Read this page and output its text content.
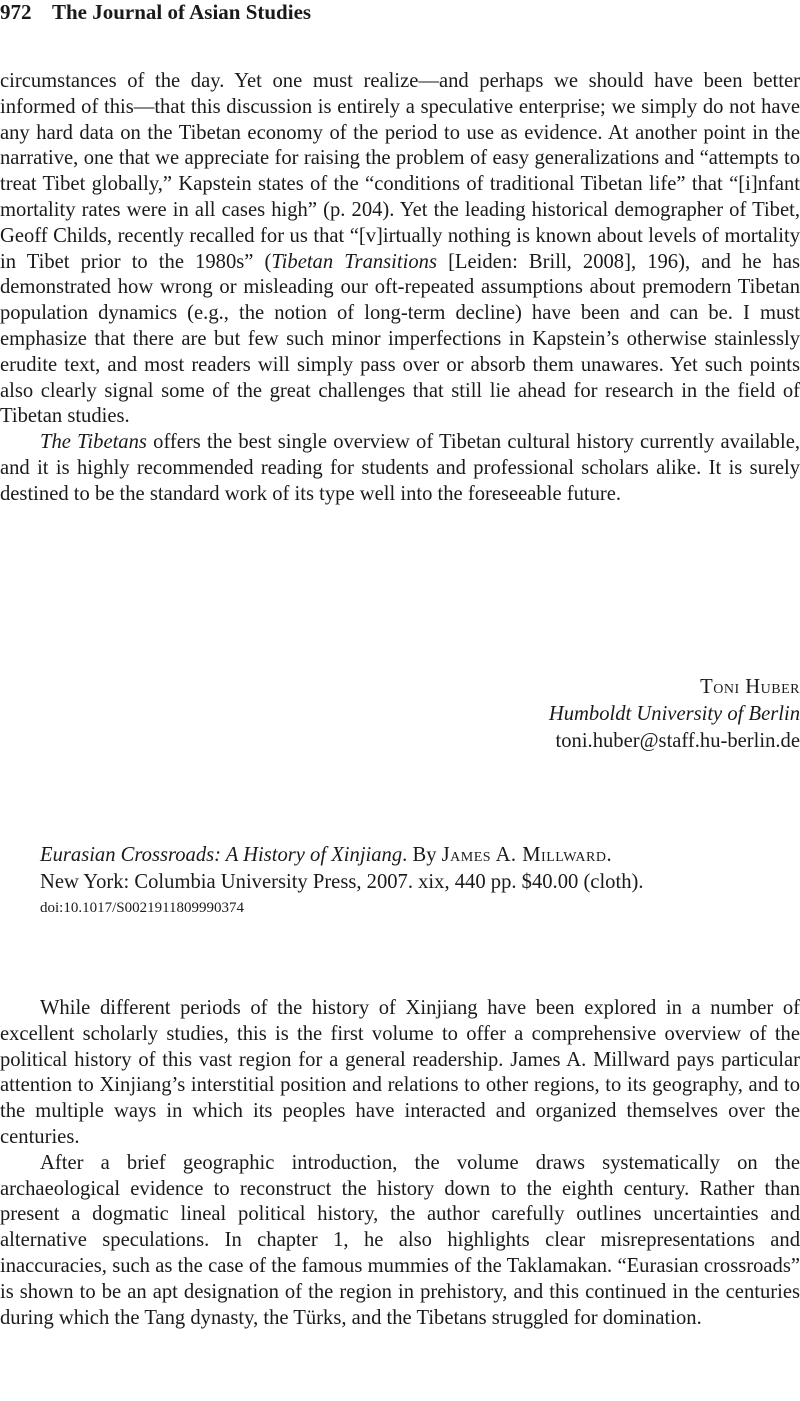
972 The Journal of Asian Studies

circumstances of the day. Yet one must realize—and perhaps we should have been better informed of this—that this discussion is entirely a speculative enterprise; we simply do not have any hard data on the Tibetan economy of the period to use as evidence. At another point in the narrative, one that we appreciate for raising the problem of easy generalizations and “attempts to treat Tibet globally,” Kapstein states of the “conditions of traditional Tibetan life” that “[i]nfant mortality rates were in all cases high” (p. 204). Yet the leading historical demographer of Tibet, Geoff Childs, recently recalled for us that “[v]irtually nothing is known about levels of mortality in Tibet prior to the 1980s” (Tibetan Transitions [Leiden: Brill, 2008], 196), and he has demonstrated how wrong or misleading our oft-repeated assumptions about premodern Tibetan population dynamics (e.g., the notion of long-term decline) have been and can be. I must emphasize that there are but few such minor imperfections in Kapstein’s otherwise stainlessly erudite text, and most readers will simply pass over or absorb them unawares. Yet such points also clearly signal some of the great challenges that still lie ahead for research in the field of Tibetan studies.

The Tibetans offers the best single overview of Tibetan cultural history currently available, and it is highly recommended reading for students and professional scholars alike. It is surely destined to be the standard work of its type well into the foreseeable future.

Toni Huber
Humboldt University of Berlin
toni.huber@staff.hu-berlin.de
Eurasian Crossroads: A History of Xinjiang. By James A. Millward.
New York: Columbia University Press, 2007. xix, 440 pp. $40.00 (cloth).
doi:10.1017/S0021911809990374

While different periods of the history of Xinjiang have been explored in a number of excellent scholarly studies, this is the first volume to offer a comprehensive overview of the political history of this vast region for a general readership. James A. Millward pays particular attention to Xinjiang’s interstitial position and relations to other regions, to its geography, and to the multiple ways in which its peoples have interacted and organized themselves over the centuries.

After a brief geographic introduction, the volume draws systematically on the archaeological evidence to reconstruct the history down to the eighth century. Rather than present a dogmatic lineal political history, the author carefully outlines uncertainties and alternative speculations. In chapter 1, he also highlights clear misrepresentations and inaccuracies, such as the case of the famous mummies of the Taklamakan. “Eurasian crossroads” is shown to be an apt designation of the region in prehistory, and this continued in the centuries during which the Tang dynasty, the Türks, and the Tibetans struggled for domination.
